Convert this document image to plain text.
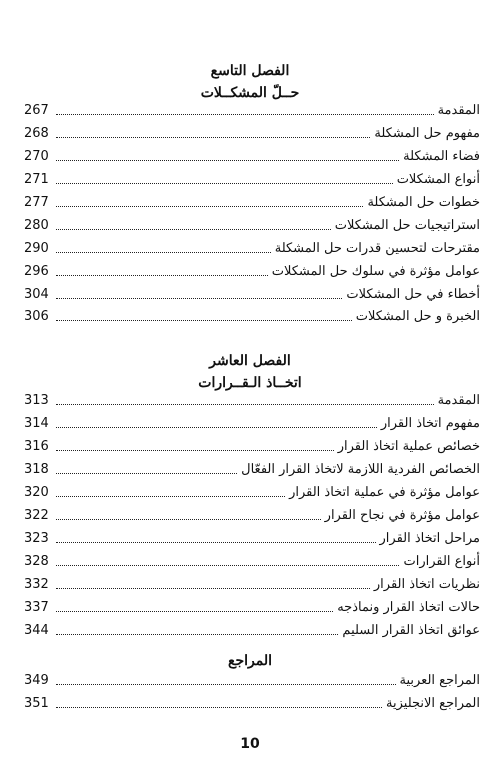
الفصل التاسع
حــلّ المشكــلات
المقدمة
267
مفهوم حل المشكلة
268
فضاء المشكلة
270
أنواع المشكلات
271
خطوات حل المشكلة
277
استراتيجيات حل المشكلات
280
مقترحات لتحسين قدرات حل المشكلة
290
عوامل مؤثرة في سلوك حل المشكلات
296
أخطاء في حل المشكلات
304
الخبرة و حل المشكلات
306
الفصل العاشر
اتخــاذ الـقــرارات
المقدمة
313
مفهوم اتخاذ القرار
314
خصائص عملية اتخاذ القرار
316
الخصائص الفردية اللازمة لاتخاذ القرار الفعّال
318
عوامل مؤثرة في عملية اتخاذ القرار
320
عوامل مؤثرة في نجاح القرار
322
مراحل اتخاذ القرار
323
أنواع القرارات
328
نظريات اتخاذ القرار
332
حالات اتخاذ القرار ونماذجه
337
عوائق اتخاذ القرار السليم
344
المراجع
المراجع العربية
349
المراجع الانجليزية
351
10
